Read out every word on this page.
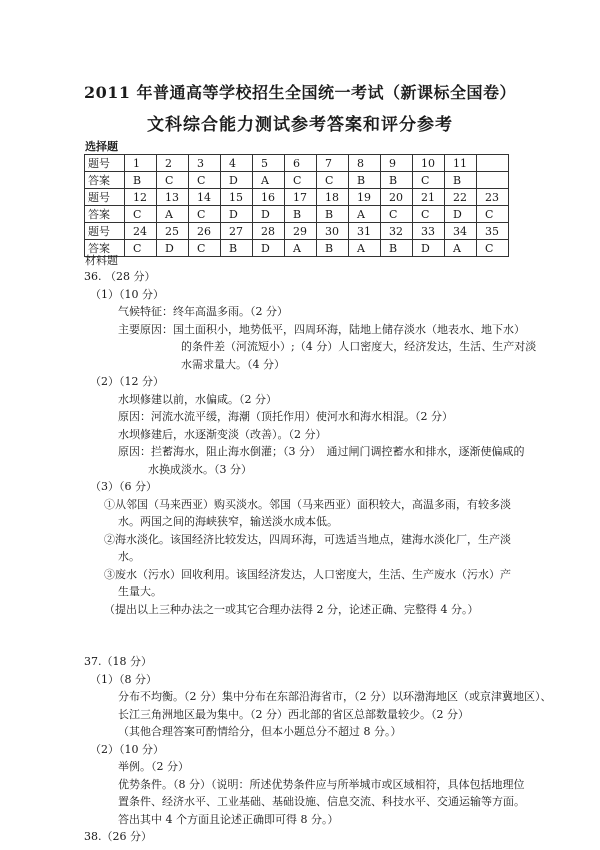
2011 年普通高等学校招生全国统一考试（新课标全国卷）
文科综合能力测试参考答案和评分参考
选择题
题号	1	2	3	4	5	6	7	8	9	10	11	
答案	B	C	C	D	A	C	C	B	B	C	B	
题号	12	13	14	15	16	17	18	19	20	21	22	23
答案	C	A	C	D	D	B	B	A	C	C	D	C
题号	24	25	26	27	28	29	30	31	32	33	34	35
答案	C	D	C	B	D	A	B	A	B	D	A	C
材料题
36. （28 分）
（1）（10 分）
气候特征：终年高温多雨。（2 分）
主要原因：国土面积小，地势低平，四周环海，陆地上储存淡水（地表水、地下水）
的条件差（河流短小）;（4 分）人口密度大，经济发达，生活、生产对淡
水需求量大。（4 分）
（2）（12 分）
水坝修建以前，水偏咸。（2 分）
原因：河流水流平缓，海潮（顶托作用）使河水和海水相混。（2 分）
水坝修建后，水逐渐变淡（改善）。（2 分）
原因：拦蓄海水，阻止海水倒灌；（3 分）　通过闸门调控蓄水和排水，逐渐使偏咸的
水换成淡水。（3 分）
（3）（6 分）
①从邻国（马来西亚）购买淡水。邻国（马来西亚）面积较大，高温多雨，有较多淡
水。两国之间的海峡狭窄，输送淡水成本低。
②海水淡化。该国经济比较发达，四周环海，可选适当地点，建海水淡化厂，生产淡
水。
③废水（污水）回收利用。该国经济发达，人口密度大，生活、生产废水（污水）产
生量大。
（提出以上三种办法之一或其它合理办法得 2 分，论述正确、完整得 4 分。）
37.（18 分）
（1）（8 分）
分布不均衡。（2 分）集中分布在东部沿海省市，（2 分）以环渤海地区（或京津冀地区）、
长江三角洲地区最为集中。（2 分）西北部的省区总部数量较少。（2 分）
（其他合理答案可酌情给分，但本小题总分不超过 8 分。）
（2）（10 分）
举例。（2 分）
优势条件。（8 分）（说明：所述优势条件应与所举城市或区域相符，具体包括地理位
置条件、经济水平、工业基础、基础设施、信息交流、科技水平、交通运输等方面。
答出其中 4 个方面且论述正确即可得 8 分。）
38.（26 分）
